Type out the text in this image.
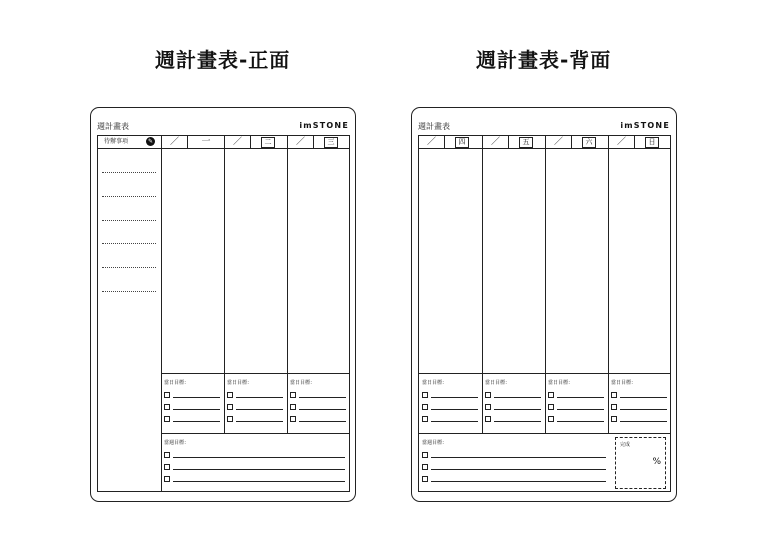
週計畫表-正面	週計畫表-背面
週計畫表	imSTONE
待辦事項	✎	／	一	／	二	／	三
當日目標：	當日目標：	當日目標：
當週目標：
週計畫表	imSTONE
／	四	／	五	／	六	／	日
當日目標：	當日目標：	當日目標：	當日目標：
當週目標：	完成
%
